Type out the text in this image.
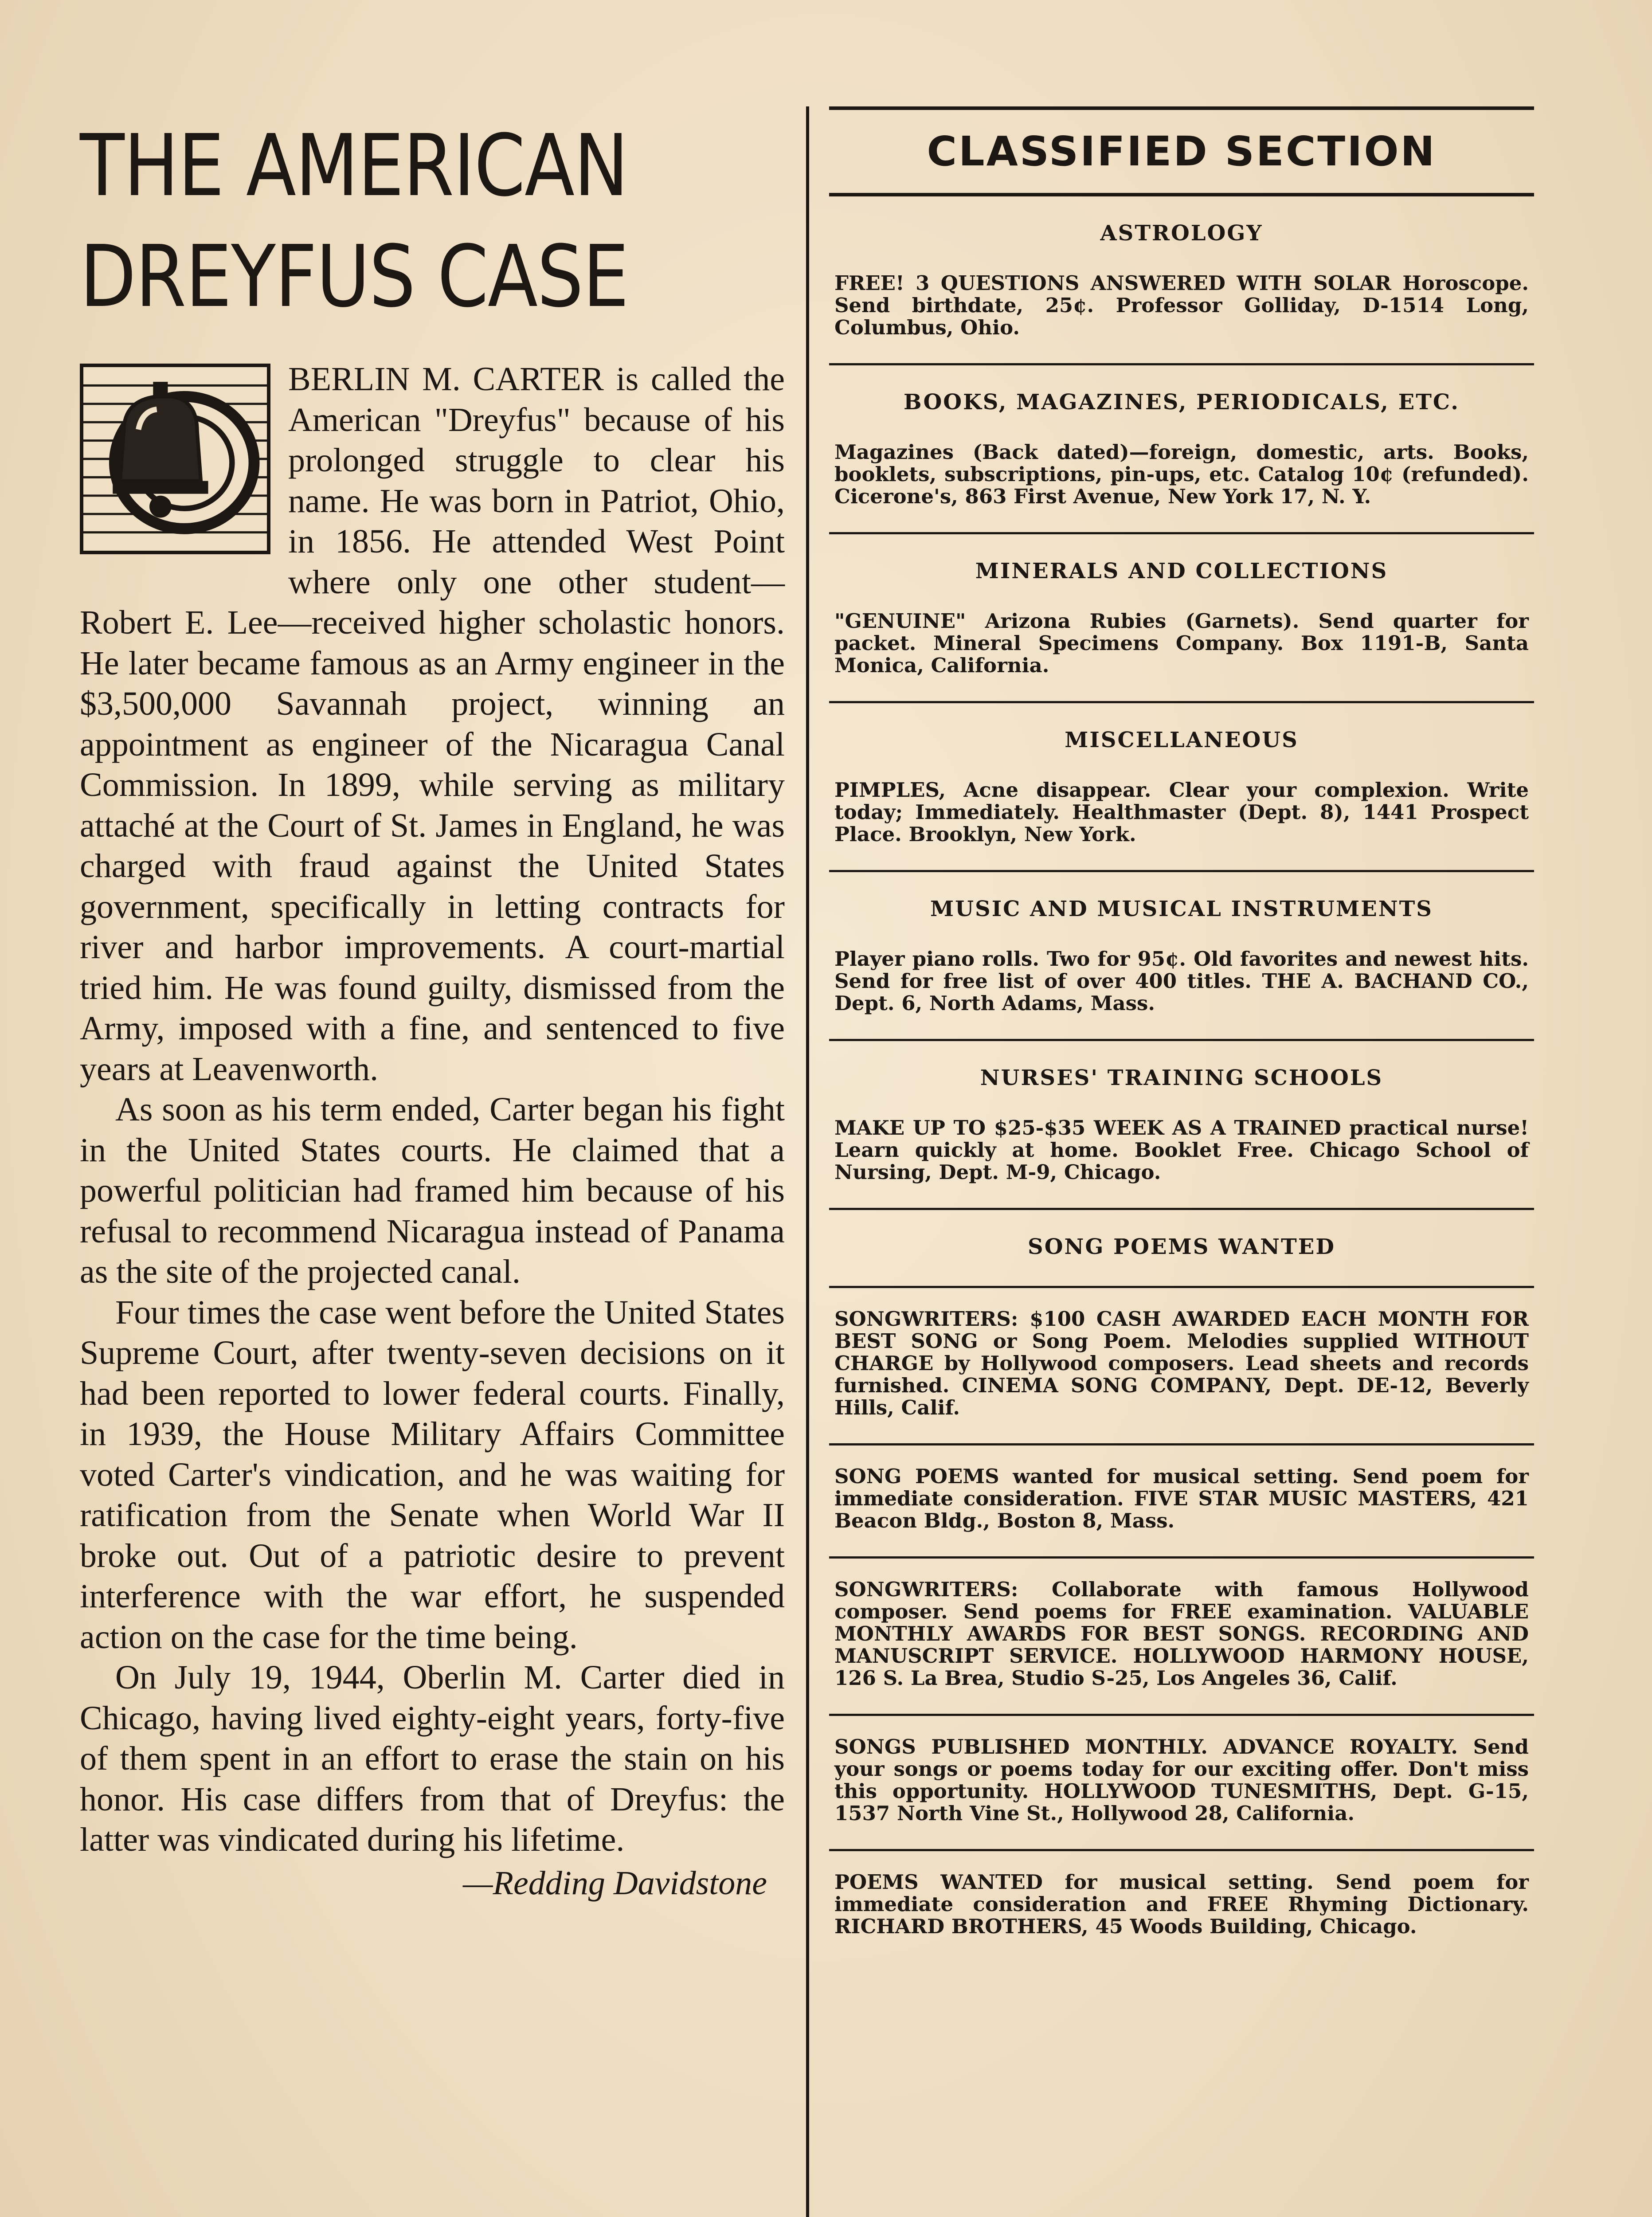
THE AMERICAN
DREYFUS CASE

BERLIN M. CARTER is called the American "Dreyfus" because of his prolonged struggle to clear his name. He was born in Patriot, Ohio, in 1856. He attended West Point where only one other student—Robert E. Lee—received higher scholastic honors. He later became famous as an Army engineer in the $3,500,000 Savannah project, winning an appointment as engineer of the Nicaragua Canal Commission. In 1899, while serving as military attaché at the Court of St. James in England, he was charged with fraud against the United States government, specifically in letting contracts for river and harbor improvements. A court-martial tried him. He was found guilty, dismissed from the Army, imposed with a fine, and sentenced to five years at Leavenworth.

As soon as his term ended, Carter began his fight in the United States courts. He claimed that a powerful politician had framed him because of his refusal to recommend Nicaragua instead of Panama as the site of the projected canal.

Four times the case went before the United States Supreme Court, after twenty-seven decisions on it had been reported to lower federal courts. Finally, in 1939, the House Military Affairs Committee voted Carter's vindication, and he was waiting for ratification from the Senate when World War II broke out. Out of a patriotic desire to prevent interference with the war effort, he suspended action on the case for the time being.

On July 19, 1944, Oberlin M. Carter died in Chicago, having lived eighty-eight years, forty-five of them spent in an effort to erase the stain on his honor. His case differs from that of Dreyfus: the latter was vindicated during his lifetime.

—Redding Davidstone
CLASSIFIED SECTION
ASTROLOGY
FREE! 3 QUESTIONS ANSWERED WITH SOLAR Horoscope. Send birthdate, 25¢. Professor Golliday, D-1514 Long, Columbus, Ohio.
BOOKS, MAGAZINES, PERIODICALS, ETC.
Magazines (Back dated)—foreign, domestic, arts. Books, booklets, subscriptions, pin-ups, etc. Catalog 10¢ (refunded). Cicerone's, 863 First Avenue, New York 17, N. Y.
MINERALS AND COLLECTIONS
"GENUINE" Arizona Rubies (Garnets). Send quarter for packet. Mineral Specimens Company. Box 1191-B, Santa Monica, California.
MISCELLANEOUS
PIMPLES, Acne disappear. Clear your complexion. Write today; Immediately. Healthmaster (Dept. 8), 1441 Prospect Place. Brooklyn, New York.
MUSIC AND MUSICAL INSTRUMENTS
Player piano rolls. Two for 95¢. Old favorites and newest hits. Send for free list of over 400 titles. THE A. BACHAND CO., Dept. 6, North Adams, Mass.
NURSES' TRAINING SCHOOLS
MAKE UP TO $25-$35 WEEK AS A TRAINED practical nurse! Learn quickly at home. Booklet Free. Chicago School of Nursing, Dept. M-9, Chicago.
SONG POEMS WANTED
SONGWRITERS: $100 CASH AWARDED EACH MONTH FOR BEST SONG or Song Poem. Melodies supplied WITHOUT CHARGE by Hollywood composers. Lead sheets and records furnished. CINEMA SONG COMPANY, Dept. DE-12, Beverly Hills, Calif.
SONG POEMS wanted for musical setting. Send poem for immediate consideration. FIVE STAR MUSIC MASTERS, 421 Beacon Bldg., Boston 8, Mass.
SONGWRITERS: Collaborate with famous Hollywood composer. Send poems for FREE examination. VALUABLE MONTHLY AWARDS FOR BEST SONGS. RECORDING AND MANUSCRIPT SERVICE. HOLLYWOOD HARMONY HOUSE, 126 S. La Brea, Studio S-25, Los Angeles 36, Calif.
SONGS PUBLISHED MONTHLY. ADVANCE ROYALTY. Send your songs or poems today for our exciting offer. Don't miss this opportunity. HOLLYWOOD TUNESMITHS, Dept. G-15, 1537 North Vine St., Hollywood 28, California.
POEMS WANTED for musical setting. Send poem for immediate consideration and FREE Rhyming Dictionary. RICHARD BROTHERS, 45 Woods Building, Chicago.
